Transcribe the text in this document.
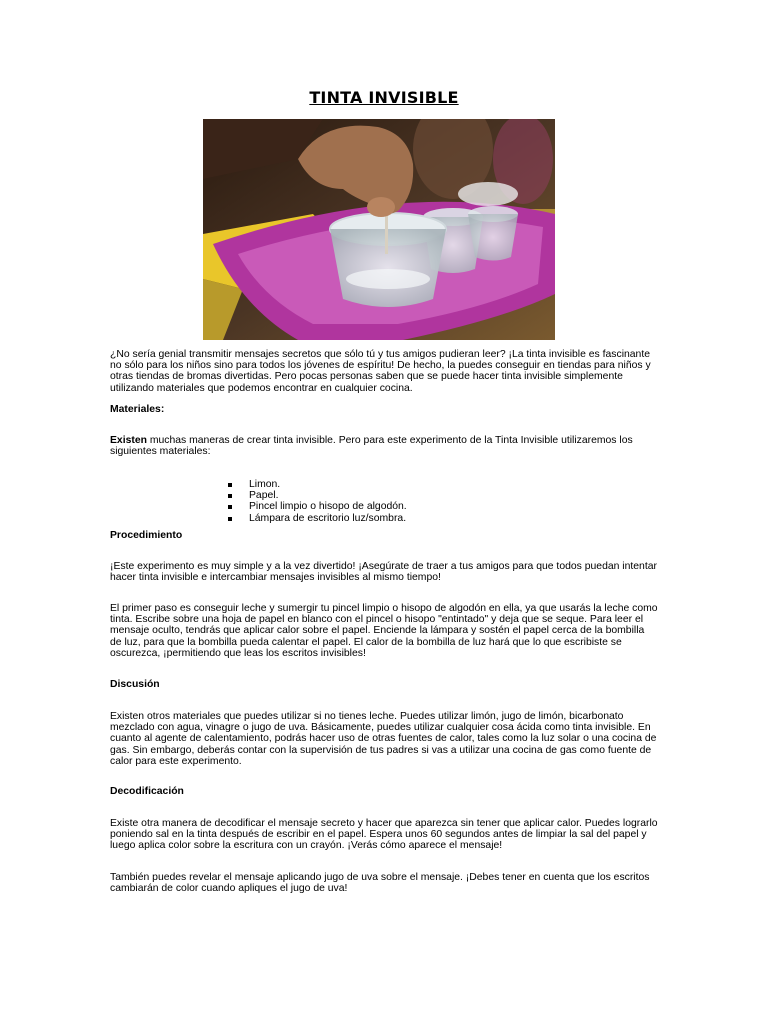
TINTA INVISIBLE
¿No sería genial transmitir mensajes secretos que sólo tú y tus amigos pudieran leer? ¡La tinta invisible es fascinante no sólo para los niños sino para todos los jóvenes de espíritu! De hecho, la puedes conseguir en tiendas para niños y otras tiendas de bromas divertidas. Pero pocas personas saben que se puede hacer tinta invisible simplemente utilizando materiales que podemos encontrar en cualquier cocina.
Materiales:
Existen muchas maneras de crear tinta invisible. Pero para este experimento de la Tinta Invisible utilizaremos los siguientes materiales:
Limon.
Papel.
Pincel limpio o hisopo de algodón.
Lámpara de escritorio luz/sombra.
Procedimiento
¡Este experimento es muy simple y a la vez divertido! ¡Asegúrate de traer a tus amigos para que todos puedan intentar hacer tinta invisible e intercambiar mensajes invisibles al mismo tiempo!
El primer paso es conseguir leche y sumergir tu pincel limpio o hisopo de algodón en ella, ya que usarás la leche como tinta. Escribe sobre una hoja de papel en blanco con el pincel o hisopo "entintado" y deja que se seque. Para leer el mensaje oculto, tendrás que aplicar calor sobre el papel. Enciende la lámpara y sostén el papel cerca de la bombilla de luz, para que la bombilla pueda calentar el papel. El calor de la bombilla de luz hará que lo que escribiste se oscurezca, ¡permitiendo que leas los escritos invisibles!
Discusión
Existen otros materiales que puedes utilizar si no tienes leche. Puedes utilizar limón, jugo de limón, bicarbonato mezclado con agua, vinagre o jugo de uva. Básicamente, puedes utilizar cualquier cosa ácida como tinta invisible. En cuanto al agente de calentamiento, podrás hacer uso de otras fuentes de calor, tales como la luz solar o una cocina de gas. Sin embargo, deberás contar con la supervisión de tus padres si vas a utilizar una cocina de gas como fuente de calor para este experimento.
Decodificación
Existe otra manera de decodificar el mensaje secreto y hacer que aparezca sin tener que aplicar calor. Puedes lograrlo poniendo sal en la tinta después de escribir en el papel. Espera unos 60 segundos antes de limpiar la sal del papel y luego aplica color sobre la escritura con un crayón. ¡Verás cómo aparece el mensaje!
También puedes revelar el mensaje aplicando jugo de uva sobre el mensaje. ¡Debes tener en cuenta que los escritos cambiarán de color cuando apliques el jugo de uva!
